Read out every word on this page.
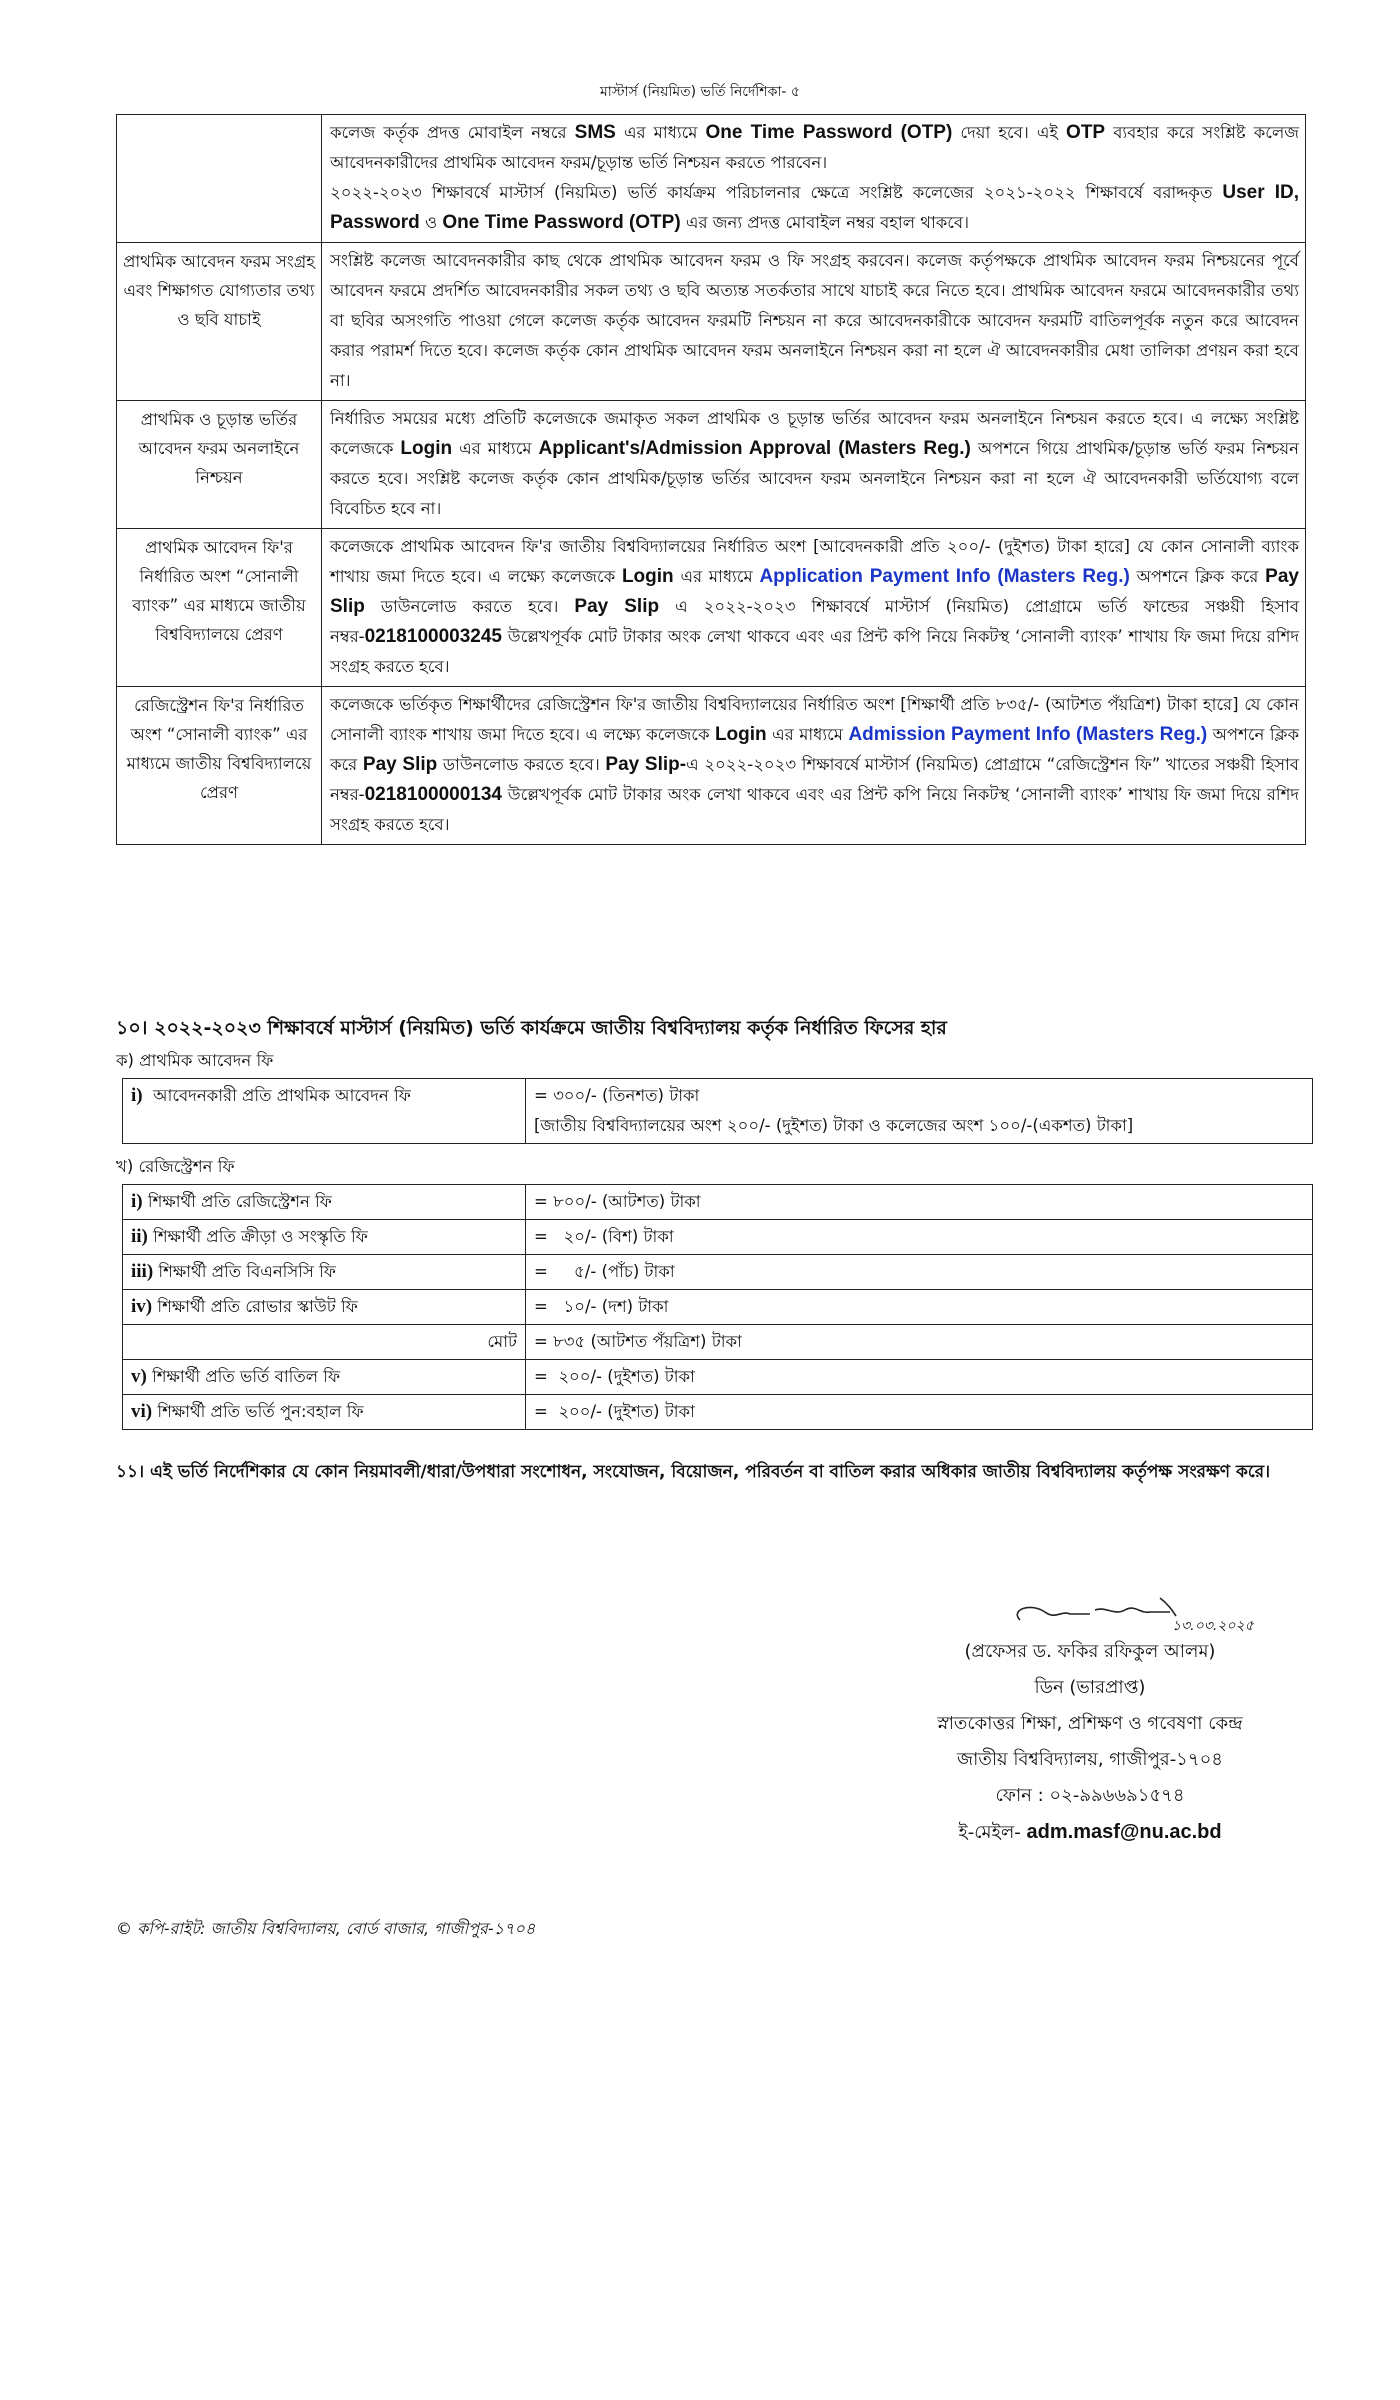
মাস্টার্স (নিয়মিত) ভর্তি নির্দেশিকা- ৫

	কলেজ কর্তৃক প্রদত্ত মোবাইল নম্বরে SMS এর মাধ্যমে One Time Password (OTP) দেয়া হবে। এই OTP ব্যবহার করে সংশ্লিষ্ট কলেজ আবেদনকারীদের প্রাথমিক আবেদন ফরম/চূড়ান্ত ভর্তি নিশ্চয়ন করতে পারবেন।

২০২২-২০২৩ শিক্ষাবর্ষে মাস্টার্স (নিয়মিত) ভর্তি কার্যক্রম পরিচালনার ক্ষেত্রে সংশ্লিষ্ট কলেজের ২০২১-২০২২ শিক্ষাবর্ষে বরাদ্দকৃত User ID, Password ও One Time Password (OTP) এর জন্য প্রদত্ত মোবাইল নম্বর বহাল থাকবে।

প্রাথমিক আবেদন ফরম সংগ্রহ এবং শিক্ষাগত যোগ্যতার তথ্য ও ছবি যাচাই	সংশ্লিষ্ট কলেজ আবেদনকারীর কাছ থেকে প্রাথমিক আবেদন ফরম ও ফি সংগ্রহ করবেন। কলেজ কর্তৃপক্ষকে প্রাথমিক আবেদন ফরম নিশ্চয়নের পূর্বে আবেদন ফরমে প্রদর্শিত আবেদনকারীর সকল তথ্য ও ছবি অত্যন্ত সতর্কতার সাথে যাচাই করে নিতে হবে। প্রাথমিক আবেদন ফরমে আবেদনকারীর তথ্য বা ছবির অসংগতি পাওয়া গেলে কলেজ কর্তৃক আবেদন ফরমটি নিশ্চয়ন না করে আবেদনকারীকে আবেদন ফরমটি বাতিলপূর্বক নতুন করে আবেদন করার পরামর্শ দিতে হবে। কলেজ কর্তৃক কোন প্রাথমিক আবেদন ফরম অনলাইনে নিশ্চয়ন করা না হলে ঐ আবেদনকারীর মেধা তালিকা প্রণয়ন করা হবে না।

প্রাথমিক ও চূড়ান্ত ভর্তির আবেদন ফরম অনলাইনে নিশ্চয়ন	নির্ধারিত সময়ের মধ্যে প্রতিটি কলেজকে জমাকৃত সকল প্রাথমিক ও চূড়ান্ত ভর্তির আবেদন ফরম অনলাইনে নিশ্চয়ন করতে হবে। এ লক্ষ্যে সংশ্লিষ্ট কলেজকে Login এর মাধ্যমে Applicant's/Admission Approval (Masters Reg.) অপশনে গিয়ে প্রাথমিক/চূড়ান্ত ভর্তি ফরম নিশ্চয়ন করতে হবে। সংশ্লিষ্ট কলেজ কর্তৃক কোন প্রাথমিক/চূড়ান্ত ভর্তির আবেদন ফরম অনলাইনে নিশ্চয়ন করা না হলে ঐ আবেদনকারী ভর্তিযোগ্য বলে বিবেচিত হবে না।

প্রাথমিক আবেদন ফি'র নির্ধারিত অংশ “সোনালী ব্যাংক” এর মাধ্যমে জাতীয় বিশ্ববিদ্যালয়ে প্রেরণ	কলেজকে প্রাথমিক আবেদন ফি'র জাতীয় বিশ্ববিদ্যালয়ের নির্ধারিত অংশ [আবেদনকারী প্রতি ২০০/- (দুইশত) টাকা হারে] যে কোন সোনালী ব্যাংক শাখায় জমা দিতে হবে। এ লক্ষ্যে কলেজকে Login এর মাধ্যমে Application Payment Info (Masters Reg.) অপশনে ক্লিক করে Pay Slip ডাউনলোড করতে হবে। Pay Slip এ ২০২২-২০২৩ শিক্ষাবর্ষে মাস্টার্স (নিয়মিত) প্রোগ্রামে ভর্তি ফান্ডের সঞ্চয়ী হিসাব নম্বর-0218100003245 উল্লেখপূর্বক মোট টাকার অংক লেখা থাকবে এবং এর প্রিন্ট কপি নিয়ে নিকটস্থ ‘সোনালী ব্যাংক’ শাখায় ফি জমা দিয়ে রশিদ সংগ্রহ করতে হবে।

রেজিস্ট্রেশন ফি'র নির্ধারিত অংশ “সোনালী ব্যাংক” এর মাধ্যমে জাতীয় বিশ্ববিদ্যালয়ে প্রেরণ	কলেজকে ভর্তিকৃত শিক্ষার্থীদের রেজিস্ট্রেশন ফি'র জাতীয় বিশ্ববিদ্যালয়ের নির্ধারিত অংশ [শিক্ষার্থী প্রতি ৮৩৫/- (আটশত পঁয়ত্রিশ) টাকা হারে] যে কোন সোনালী ব্যাংক শাখায় জমা দিতে হবে। এ লক্ষ্যে কলেজকে Login এর মাধ্যমে Admission Payment Info (Masters Reg.) অপশনে ক্লিক করে Pay Slip ডাউনলোড করতে হবে। Pay Slip-এ ২০২২-২০২৩ শিক্ষাবর্ষে মাস্টার্স (নিয়মিত) প্রোগ্রামে “রেজিস্ট্রেশন ফি” খাতের সঞ্চয়ী হিসাব নম্বর-0218100000134 উল্লেখপূর্বক মোট টাকার অংক লেখা থাকবে এবং এর প্রিন্ট কপি নিয়ে নিকটস্থ ‘সোনালী ব্যাংক’ শাখায় ফি জমা দিয়ে রশিদ সংগ্রহ করতে হবে।

১০। ২০২২-২০২৩ শিক্ষাবর্ষে মাস্টার্স (নিয়মিত) ভর্তি কার্যক্রমে জাতীয় বিশ্ববিদ্যালয় কর্তৃক নির্ধারিত ফিসের হার
ক) প্রাথমিক আবেদন ফি
i) আবেদনকারী প্রতি প্রাথমিক আবেদন ফি	= ৩০০/- (তিনশত) টাকা
[জাতীয় বিশ্ববিদ্যালয়ের অংশ ২০০/- (দুইশত) টাকা ও কলেজের অংশ ১০০/-(একশত) টাকা]
খ) রেজিস্ট্রেশন ফি
i) শিক্ষার্থী প্রতি রেজিস্ট্রেশন ফি	= ৮০০/- (আটশত) টাকা
ii) শিক্ষার্থী প্রতি ক্রীড়া ও সংস্কৃতি ফি	=   ২০/- (বিশ) টাকা
iii) শিক্ষার্থী প্রতি বিএনসিসি ফি	=     ৫/- (পাঁচ) টাকা
iv) শিক্ষার্থী প্রতি রোভার স্কাউট ফি	=   ১০/- (দশ) টাকা
মোট	= ৮৩৫ (আটশত পঁয়ত্রিশ) টাকা
v) শিক্ষার্থী প্রতি ভর্তি বাতিল ফি	=  ২০০/- (দুইশত) টাকা
vi) শিক্ষার্থী প্রতি ভর্তি পুন:বহাল ফি	=  ২০০/- (দুইশত) টাকা
১১। এই ভর্তি নির্দেশিকার যে কোন নিয়মাবলী/ধারা/উপধারা সংশোধন, সংযোজন, বিয়োজন, পরিবর্তন বা বাতিল করার অধিকার জাতীয় বিশ্ববিদ্যালয় কর্তৃপক্ষ সংরক্ষণ করে।
১৩.০৩.২০২৫
(প্রফেসর ড. ফকির রফিকুল আলম)
ডিন (ভারপ্রাপ্ত)
স্নাতকোত্তর শিক্ষা, প্রশিক্ষণ ও গবেষণা কেন্দ্র
জাতীয় বিশ্ববিদ্যালয়, গাজীপুর-১৭০৪
ফোন : ০২-৯৯৬৬৯১৫৭৪
ই-মেইল- adm.masf@nu.ac.bd
© কপি-রাইট: জাতীয় বিশ্ববিদ্যালয়, বোর্ড বাজার, গাজীপুর-১৭০৪
